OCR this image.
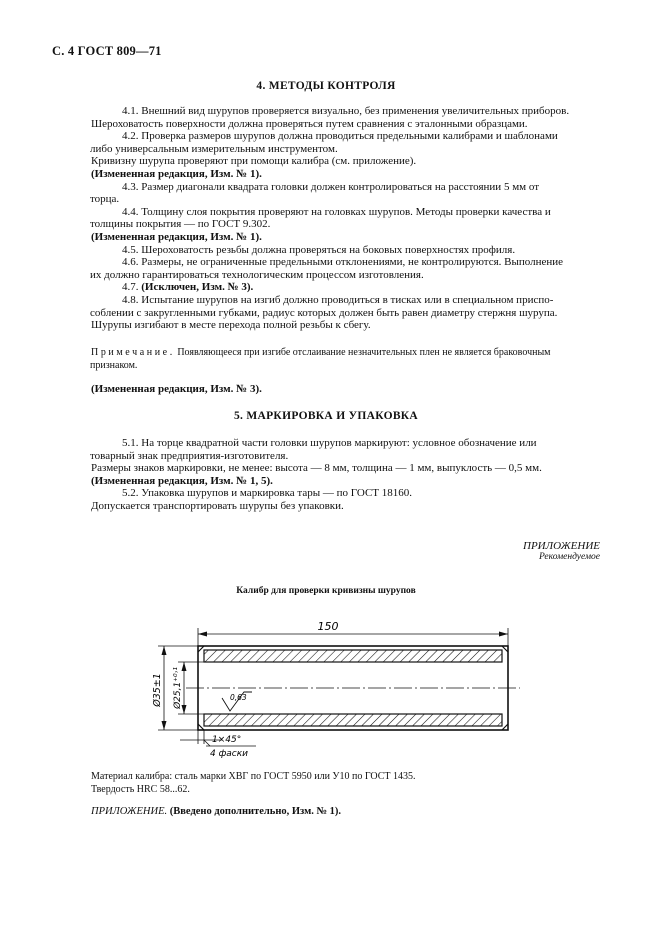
С. 4 ГОСТ 809—71
4. МЕТОДЫ КОНТРОЛЯ

4.1. Внешний вид шурупов проверяется визуально, без применения увеличительных приборов.

Шероховатость поверхности должна проверяться путем сравнения с эталонными образцами.

4.2. Проверка размеров шурупов должна проводиться предельными калибрами и шаблонами

либо универсальным измерительным инструментом.

Кривизну шурупа проверяют при помощи калибра (см. приложение).

(Измененная редакция, Изм. № 1).

4.3. Размер диагонали квадрата головки должен контролироваться на расстоянии 5 мм от

торца.

4.4. Толщину слоя покрытия проверяют на головках шурупов. Методы проверки качества и

толщины покрытия — по ГОСТ 9.302.

(Измененная редакция, Изм. № 1).

4.5. Шероховатость резьбы должна проверяться на боковых поверхностях профиля.

4.6. Размеры, не ограниченные предельными отклонениями, не контролируются. Выполнение

их должно гарантироваться технологическим процессом изготовления.

4.7. (Исключен, Изм. № 3).

4.8. Испытание шурупов на изгиб должно проводиться в тисках или в специальном приспо-

соблении с закругленными губками, радиус которых должен быть равен диаметру стержня шурупа.

Шурупы изгибают в месте перехода полной резьбы к сбегу.

Примечание. Появляющееся при изгибе отслаивание незначительных плен не является браковочным
признаком.
(Измененная редакция, Изм. № 3).
5. МАРКИРОВКА И УПАКОВКА

5.1. На торце квадратной части головки шурупов маркируют: условное обозначение или

товарный знак предприятия-изготовителя.

Размеры знаков маркировки, не менее: высота — 8 мм, толщина — 1 мм, выпуклость — 0,5 мм.

(Измененная редакция, Изм. № 1, 5).

5.2. Упаковка шурупов и маркировка тары — по ГОСТ 18160.

Допускается транспортировать шурупы без упаковки.

ПРИЛОЖЕНИЕ
Рекомендуемое
Калибр для проверки кривизны шурупов
150
Ø35±1 Ø25,1⁺⁰˒¹	0,63
1×45°
4 фаски
Материал калибра: сталь марки ХВГ по ГОСТ 5950 или У10 по ГОСТ 1435.
Твердость HRC 58...62.
ПРИЛОЖЕНИЕ. (Введено дополнительно, Изм. № 1).
